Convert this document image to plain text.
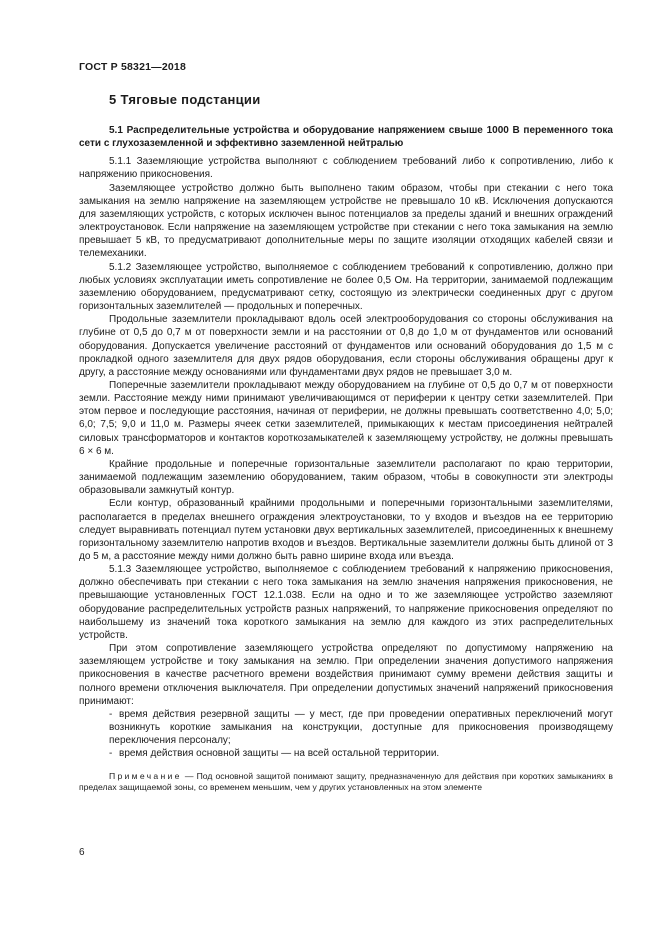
ГОСТ Р 58321—2018
5 Тяговые подстанции
5.1 Распределительные устройства и оборудование напряжением свыше 1000 В переменного тока сети с глухозаземленной и эффективно заземленной нейтралью

5.1.1 Заземляющие устройства выполняют с соблюдением требований либо к сопротивлению, либо к напряжению прикосновения.

Заземляющее устройство должно быть выполнено таким образом, чтобы при стекании с него тока замыкания на землю напряжение на заземляющем устройстве не превышало 10 кВ. Исключения допускаются для заземляющих устройств, с которых исключен вынос потенциалов за пределы зданий и внешних ограждений электроустановок. Если напряжение на заземляющем устройстве при стекании с него тока замыкания на землю превышает 5 кВ, то предусматривают дополнительные меры по защите изоляции отходящих кабелей связи и телемеханики.

5.1.2 Заземляющее устройство, выполняемое с соблюдением требований к сопротивлению, должно при любых условиях эксплуатации иметь сопротивление не более 0,5 Ом. На территории, занимаемой подлежащим заземлению оборудованием, предусматривают сетку, состоящую из электрически соединенных друг с другом горизонтальных заземлителей — продольных и поперечных.

Продольные заземлители прокладывают вдоль осей электрооборудования со стороны обслуживания на глубине от 0,5 до 0,7 м от поверхности земли и на расстоянии от 0,8 до 1,0 м от фундаментов или оснований оборудования. Допускается увеличение расстояний от фундаментов или оснований оборудования до 1,5 м с прокладкой одного заземлителя для двух рядов оборудования, если стороны обслуживания обращены друг к другу, а расстояние между основаниями или фундаментами двух рядов не превышает 3,0 м.

Поперечные заземлители прокладывают между оборудованием на глубине от 0,5 до 0,7 м от поверхности земли. Расстояние между ними принимают увеличивающимся от периферии к центру сетки заземлителей. При этом первое и последующие расстояния, начиная от периферии, не должны превышать соответственно 4,0; 5,0; 6,0; 7,5; 9,0 и 11,0 м. Размеры ячеек сетки заземлителей, примыкающих к местам присоединения нейтралей силовых трансформаторов и контактов короткозамыкателей к заземляющему устройству, не должны превышать 6 × 6 м.

Крайние продольные и поперечные горизонтальные заземлители располагают по краю территории, занимаемой подлежащим заземлению оборудованием, таким образом, чтобы в совокупности эти электроды образовывали замкнутый контур.

Если контур, образованный крайними продольными и поперечными горизонтальными заземлителями, располагается в пределах внешнего ограждения электроустановки, то у входов и въездов на ее территорию следует выравнивать потенциал путем установки двух вертикальных заземлителей, присоединенных к внешнему горизонтальному заземлителю напротив входов и въездов. Вертикальные заземлители должны быть длиной от 3 до 5 м, а расстояние между ними должно быть равно ширине входа или въезда.

5.1.3 Заземляющее устройство, выполняемое с соблюдением требований к напряжению прикосновения, должно обеспечивать при стекании с него тока замыкания на землю значения напряжения прикосновения, не превышающие установленных ГОСТ 12.1.038. Если на одно и то же заземляющее устройство заземляют оборудование распределительных устройств разных напряжений, то напряжение прикосновения определяют по наибольшему из значений тока короткого замыкания на землю для каждого из этих распределительных устройств.

При этом сопротивление заземляющего устройства определяют по допустимому напряжению на заземляющем устройстве и току замыкания на землю. При определении значения допустимого напряжения прикосновения в качестве расчетного времени воздействия принимают сумму времени действия защиты и полного времени отключения выключателя. При определении допустимых значений напряжений прикосновения принимают:

- время действия резервной защиты — у мест, где при проведении оперативных переключений могут возникнуть короткие замыкания на конструкции, доступные для прикосновения производящему переключения персоналу;

- время действия основной защиты — на всей остальной территории.

Примечание — Под основной защитой понимают защиту, предназначенную для действия при коротких замыканиях в пределах защищаемой зоны, со временем меньшим, чем у других установленных на этом элементе
6
